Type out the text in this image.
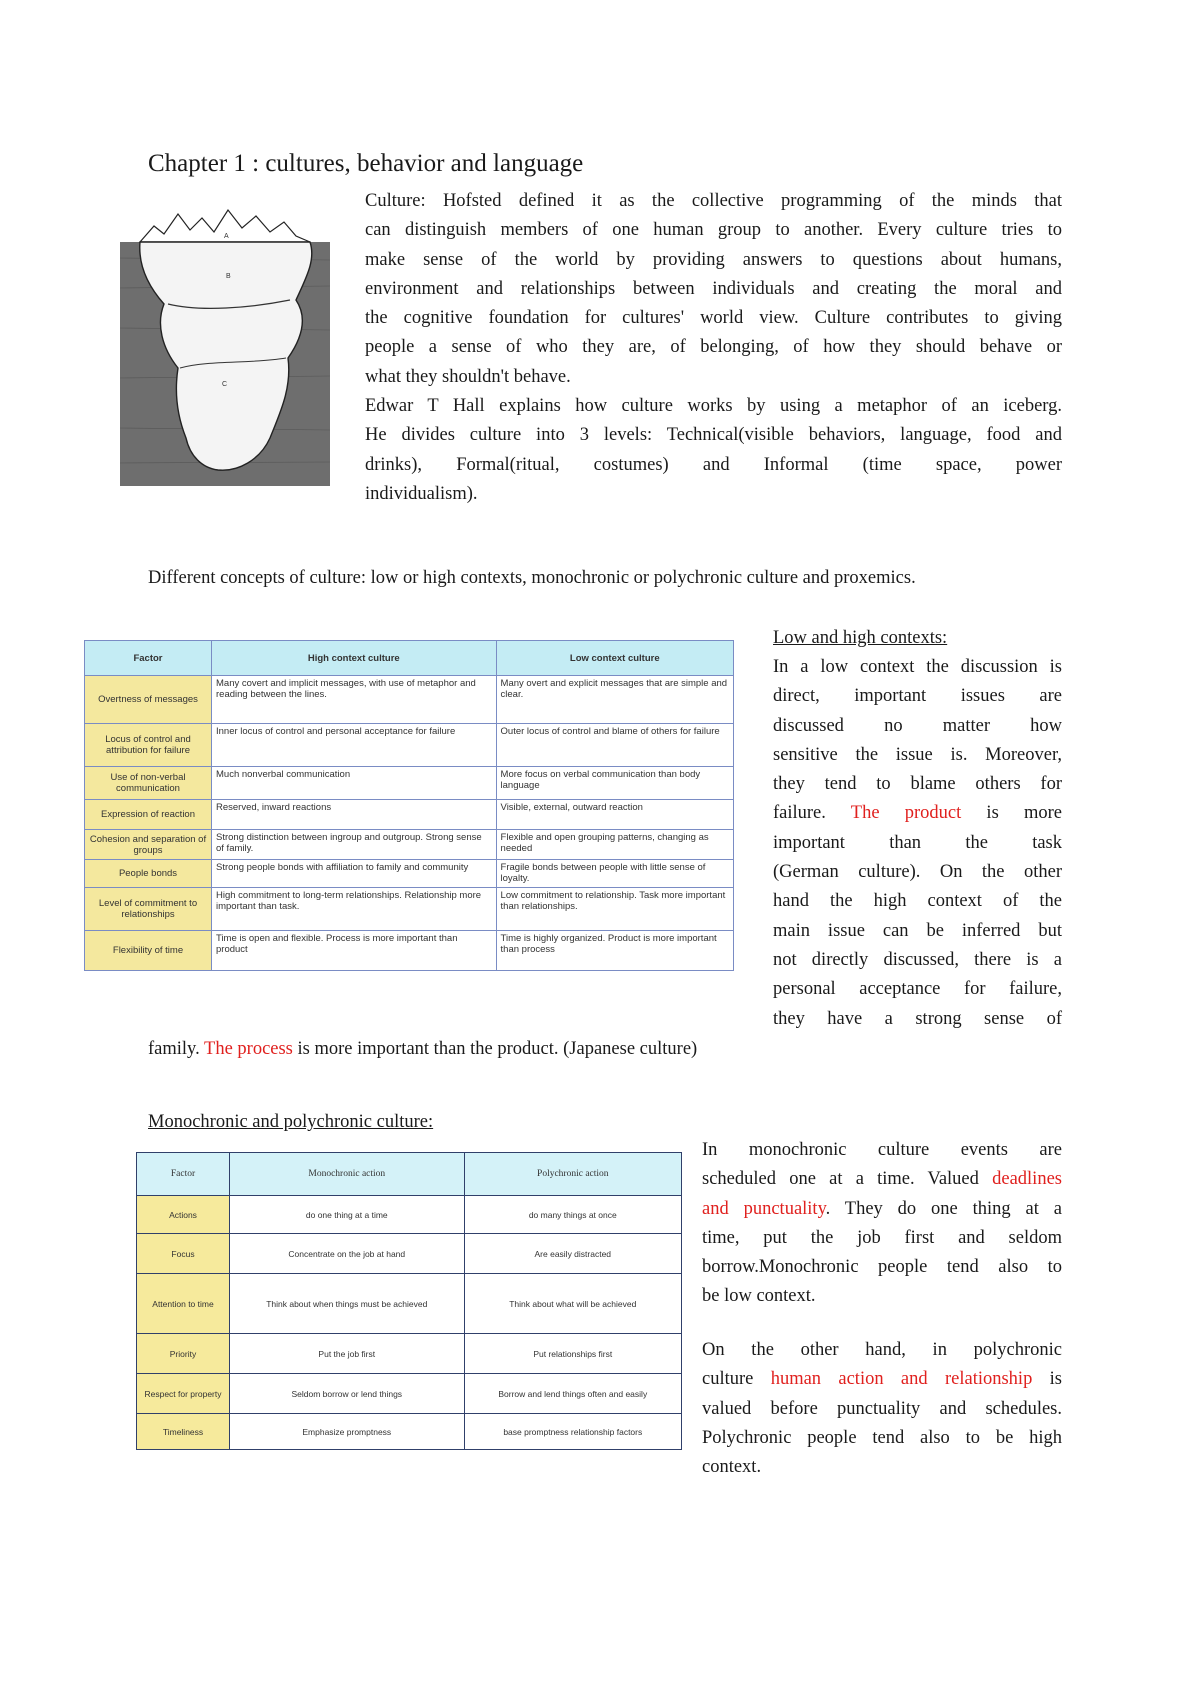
Chapter 1 : cultures, behavior and language
A
B
C
Culture: Hofsted defined it as the collective programming of the minds that
can distinguish members of one human group to another. Every culture tries to
make sense of the world by providing answers to questions about humans,
environment and relationships between individuals and creating the moral and
the cognitive foundation for cultures' world view. Culture contributes to giving
people a sense of who they are, of belonging, of how they should behave or
what they shouldn't behave.
Edwar T Hall explains how culture works by using a metaphor of an iceberg.
He divides culture into 3 levels: Technical(visible behaviors, language, food and
drinks), Formal(ritual, costumes) and Informal (time space, power
individualism).
Different concepts of culture: low or high contexts, monochronic or polychronic culture and proxemics.
Factor	High context culture	Low context culture
Overtness of messages	Many covert and implicit messages, with use of metaphor and reading between the lines.	Many overt and explicit messages that are simple and clear.
Locus of control and attribution for failure	Inner locus of control and personal acceptance for failure	Outer locus of control and blame of others for failure
Use of non-verbal communication	Much nonverbal communication	More focus on verbal communication than body language
Expression of reaction	Reserved, inward reactions	Visible, external, outward reaction
Cohesion and separation of groups	Strong distinction between ingroup and outgroup. Strong sense of family.	Flexible and open grouping patterns, changing as needed
People bonds	Strong people bonds with affiliation to family and community	Fragile bonds between people with little sense of loyalty.
Level of commitment to relationships	High commitment to long-term relationships. Relationship more important than task.	Low commitment to relationship. Task more important than relationships.
Flexibility of time	Time is open and flexible. Process is more important than product	Time is highly organized. Product is more important than process
Low and high contexts:
In a low context the discussion is
direct, important issues are
discussed no matter how
sensitive the issue is. Moreover,
they tend to blame others for
failure. The product is more
important than the task
(German culture). On the other
hand the high context of the
main issue can be inferred but
not directly discussed, there is a
personal acceptance for failure,
they have a strong sense of
family. The process is more important than the product. (Japanese culture)
Monochronic and polychronic culture:
Factor	Monochronic action	Polychronic action
Actions	do one thing at a time	do many things at once
Focus	Concentrate on the job at hand	Are easily distracted
Attention to time	Think about when things must be achieved	Think about what will be achieved
Priority	Put the job first	Put relationships first
Respect for property	Seldom borrow or lend things	Borrow and lend things often and easily
Timeliness	Emphasize promptness	base promptness relationship factors
In monochronic culture events are
scheduled one at a time. Valued deadlines
and punctuality. They do one thing at a
time, put the job first and seldom
borrow.Monochronic people tend also to
be low context.
On the other hand, in polychronic
culture human action and relationship is
valued before punctuality and schedules.
Polychronic people tend also to be high
context.
